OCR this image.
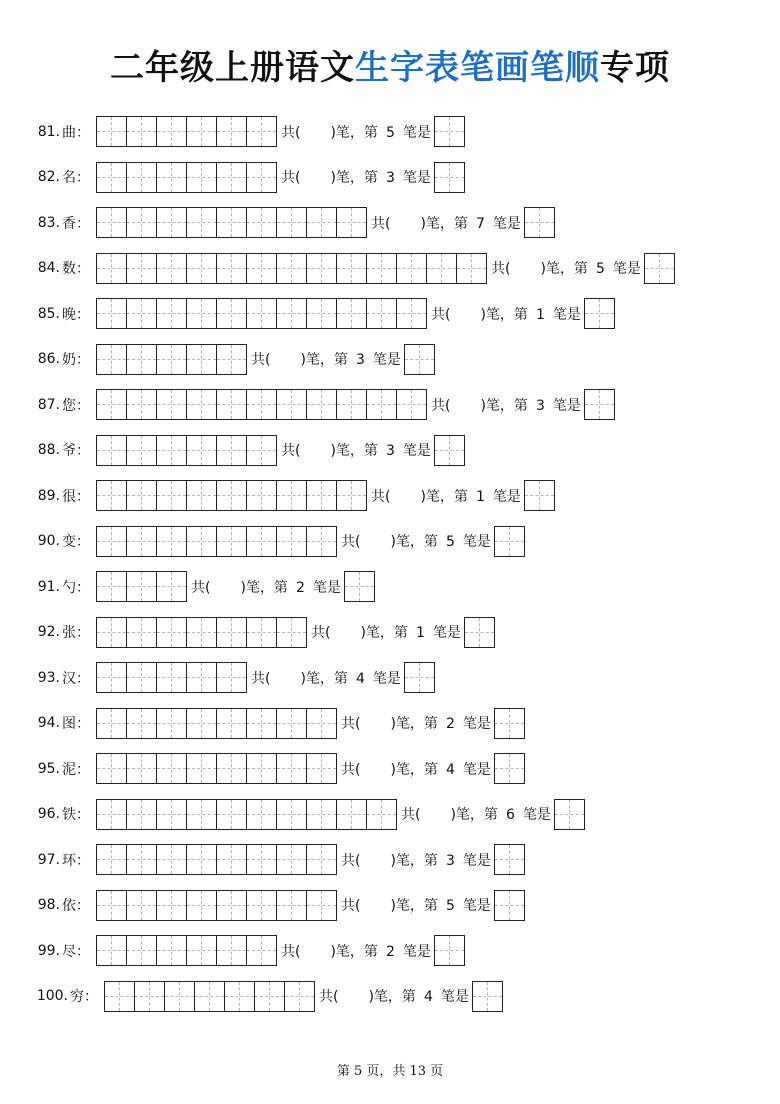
二年级上册语文生字表笔画笔顺专项
81. 曲 ：	共( )笔，第 5 笔是
82. 名 ：	共( )笔，第 3 笔是
83. 香 ：	共( )笔，第 7 笔是
84. 数 ：	共( )笔，第 5 笔是
85. 晚 ：	共( )笔，第 1 笔是
86. 奶 ：	共( )笔，第 3 笔是
87. 您 ：	共( )笔，第 3 笔是
88. 爷 ：	共( )笔，第 3 笔是
89. 很 ：	共( )笔，第 1 笔是
90. 变 ：	共( )笔，第 5 笔是
91. 勺 ：	共( )笔，第 2 笔是
92. 张 ：	共( )笔，第 1 笔是
93. 汉 ：	共( )笔，第 4 笔是
94. 图 ：	共( )笔，第 2 笔是
95. 泥 ：	共( )笔，第 4 笔是
96. 铁 ：	共( )笔，第 6 笔是
97. 环 ：	共( )笔，第 3 笔是
98. 依 ：	共( )笔，第 5 笔是
99. 尽 ：	共( )笔，第 2 笔是
100. 穷 ：	共( )笔，第 4 笔是
第 5 页，共 13 页
